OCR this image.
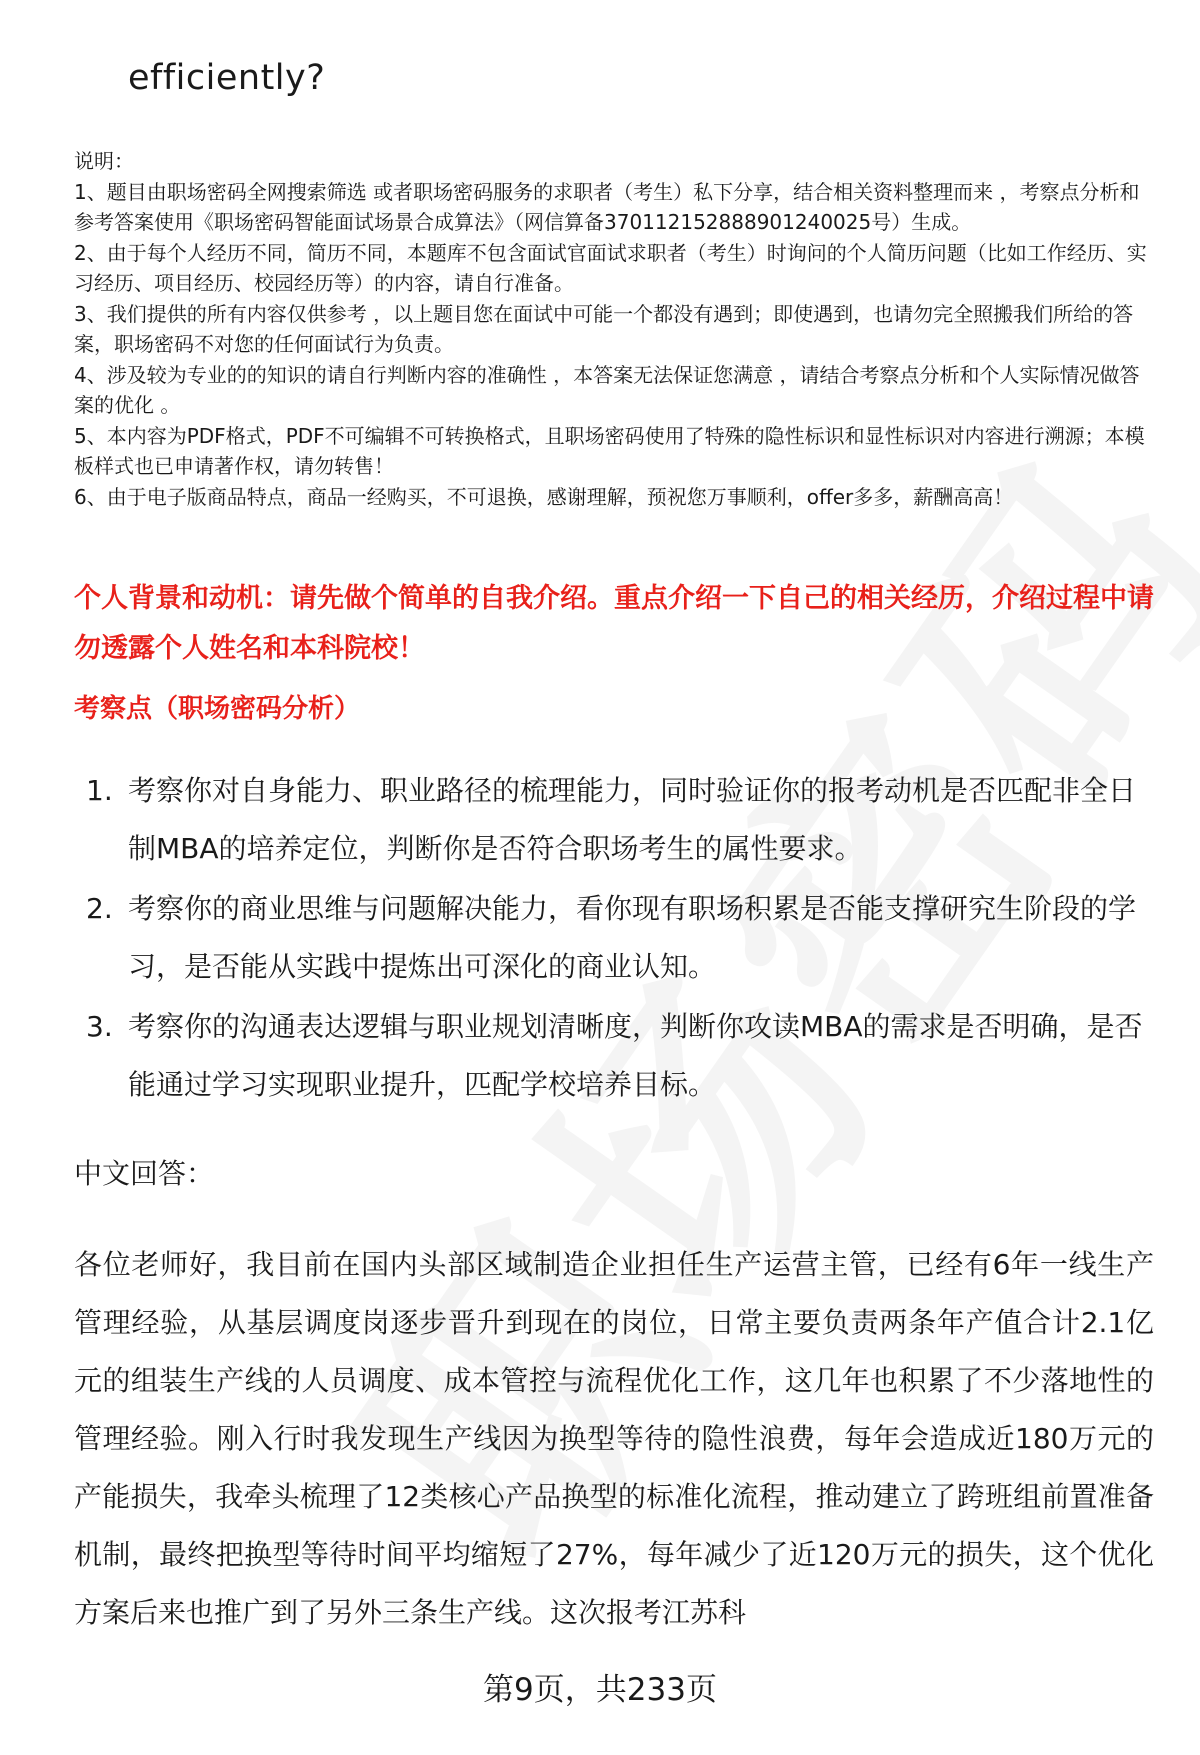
efficiently?

说明：

1、题目由职场密码全网搜索筛选 或者职场密码服务的求职者（考生）私下分享，结合相关资料整理而来 ，考察点分析和参考答案使用《职场密码智能面试场景合成算法》（网信算备370112152888901240025号）生成。

2、由于每个人经历不同，简历不同，本题库不包含面试官面试求职者（考生）时询问的个人简历问题（比如工作经历、实习经历、项目经历、校园经历等）的内容，请自行准备。

3、我们提供的所有内容仅供参考 ，以上题目您在面试中可能一个都没有遇到；即使遇到，也请勿完全照搬我们所给的答案，职场密码不对您的任何面试行为负责。

4、涉及较为专业的的知识的请自行判断内容的准确性 ，本答案无法保证您满意 ，请结合考察点分析和个人实际情况做答案的优化 。

5、本内容为PDF格式，PDF不可编辑不可转换格式，且职场密码使用了特殊的隐性标识和显性标识对内容进行溯源；本模板样式也已申请著作权，请勿转售！

6、由于电子版商品特点，商品一经购买，不可退换，感谢理解，预祝您万事顺利，offer多多，薪酬高高！

个人背景和动机：请先做个简单的自我介绍。重点介绍一下自己的相关经历，介绍过程中请勿透露个人姓名和本科院校！
考察点（职场密码分析）
1. 考察你对自身能力、职业路径的梳理能力，同时验证你的报考动机是否匹配非全日制MBA的培养定位，判断你是否符合职场考生的属性要求。
2. 考察你的商业思维与问题解决能力，看你现有职场积累是否能支撑研究生阶段的学习，是否能从实践中提炼出可深化的商业认知。
3. 考察你的沟通表达逻辑与职业规划清晰度，判断你攻读MBA的需求是否明确，是否能通过学习实现职业提升，匹配学校培养目标。
中文回答：

各位老师好，我目前在国内头部区域制造企业担任生产运营主管，已经有6年一线生产管理经验，从基层调度岗逐步晋升到现在的岗位，日常主要负责两条年产值合计2.1亿元的组装生产线的人员调度、成本管控与流程优化工作，这几年也积累了不少落地性的管理经验。刚入行时我发现生产线因为换型等待的隐性浪费，每年会造成近180万元的产能损失，我牵头梳理了12类核心产品换型的标准化流程，推动建立了跨班组前置准备机制，最终把换型等待时间平均缩短了27%，每年减少了近120万元的损失，这个优化方案后来也推广到了另外三条生产线。这次报考江苏科

第9页，共233页
